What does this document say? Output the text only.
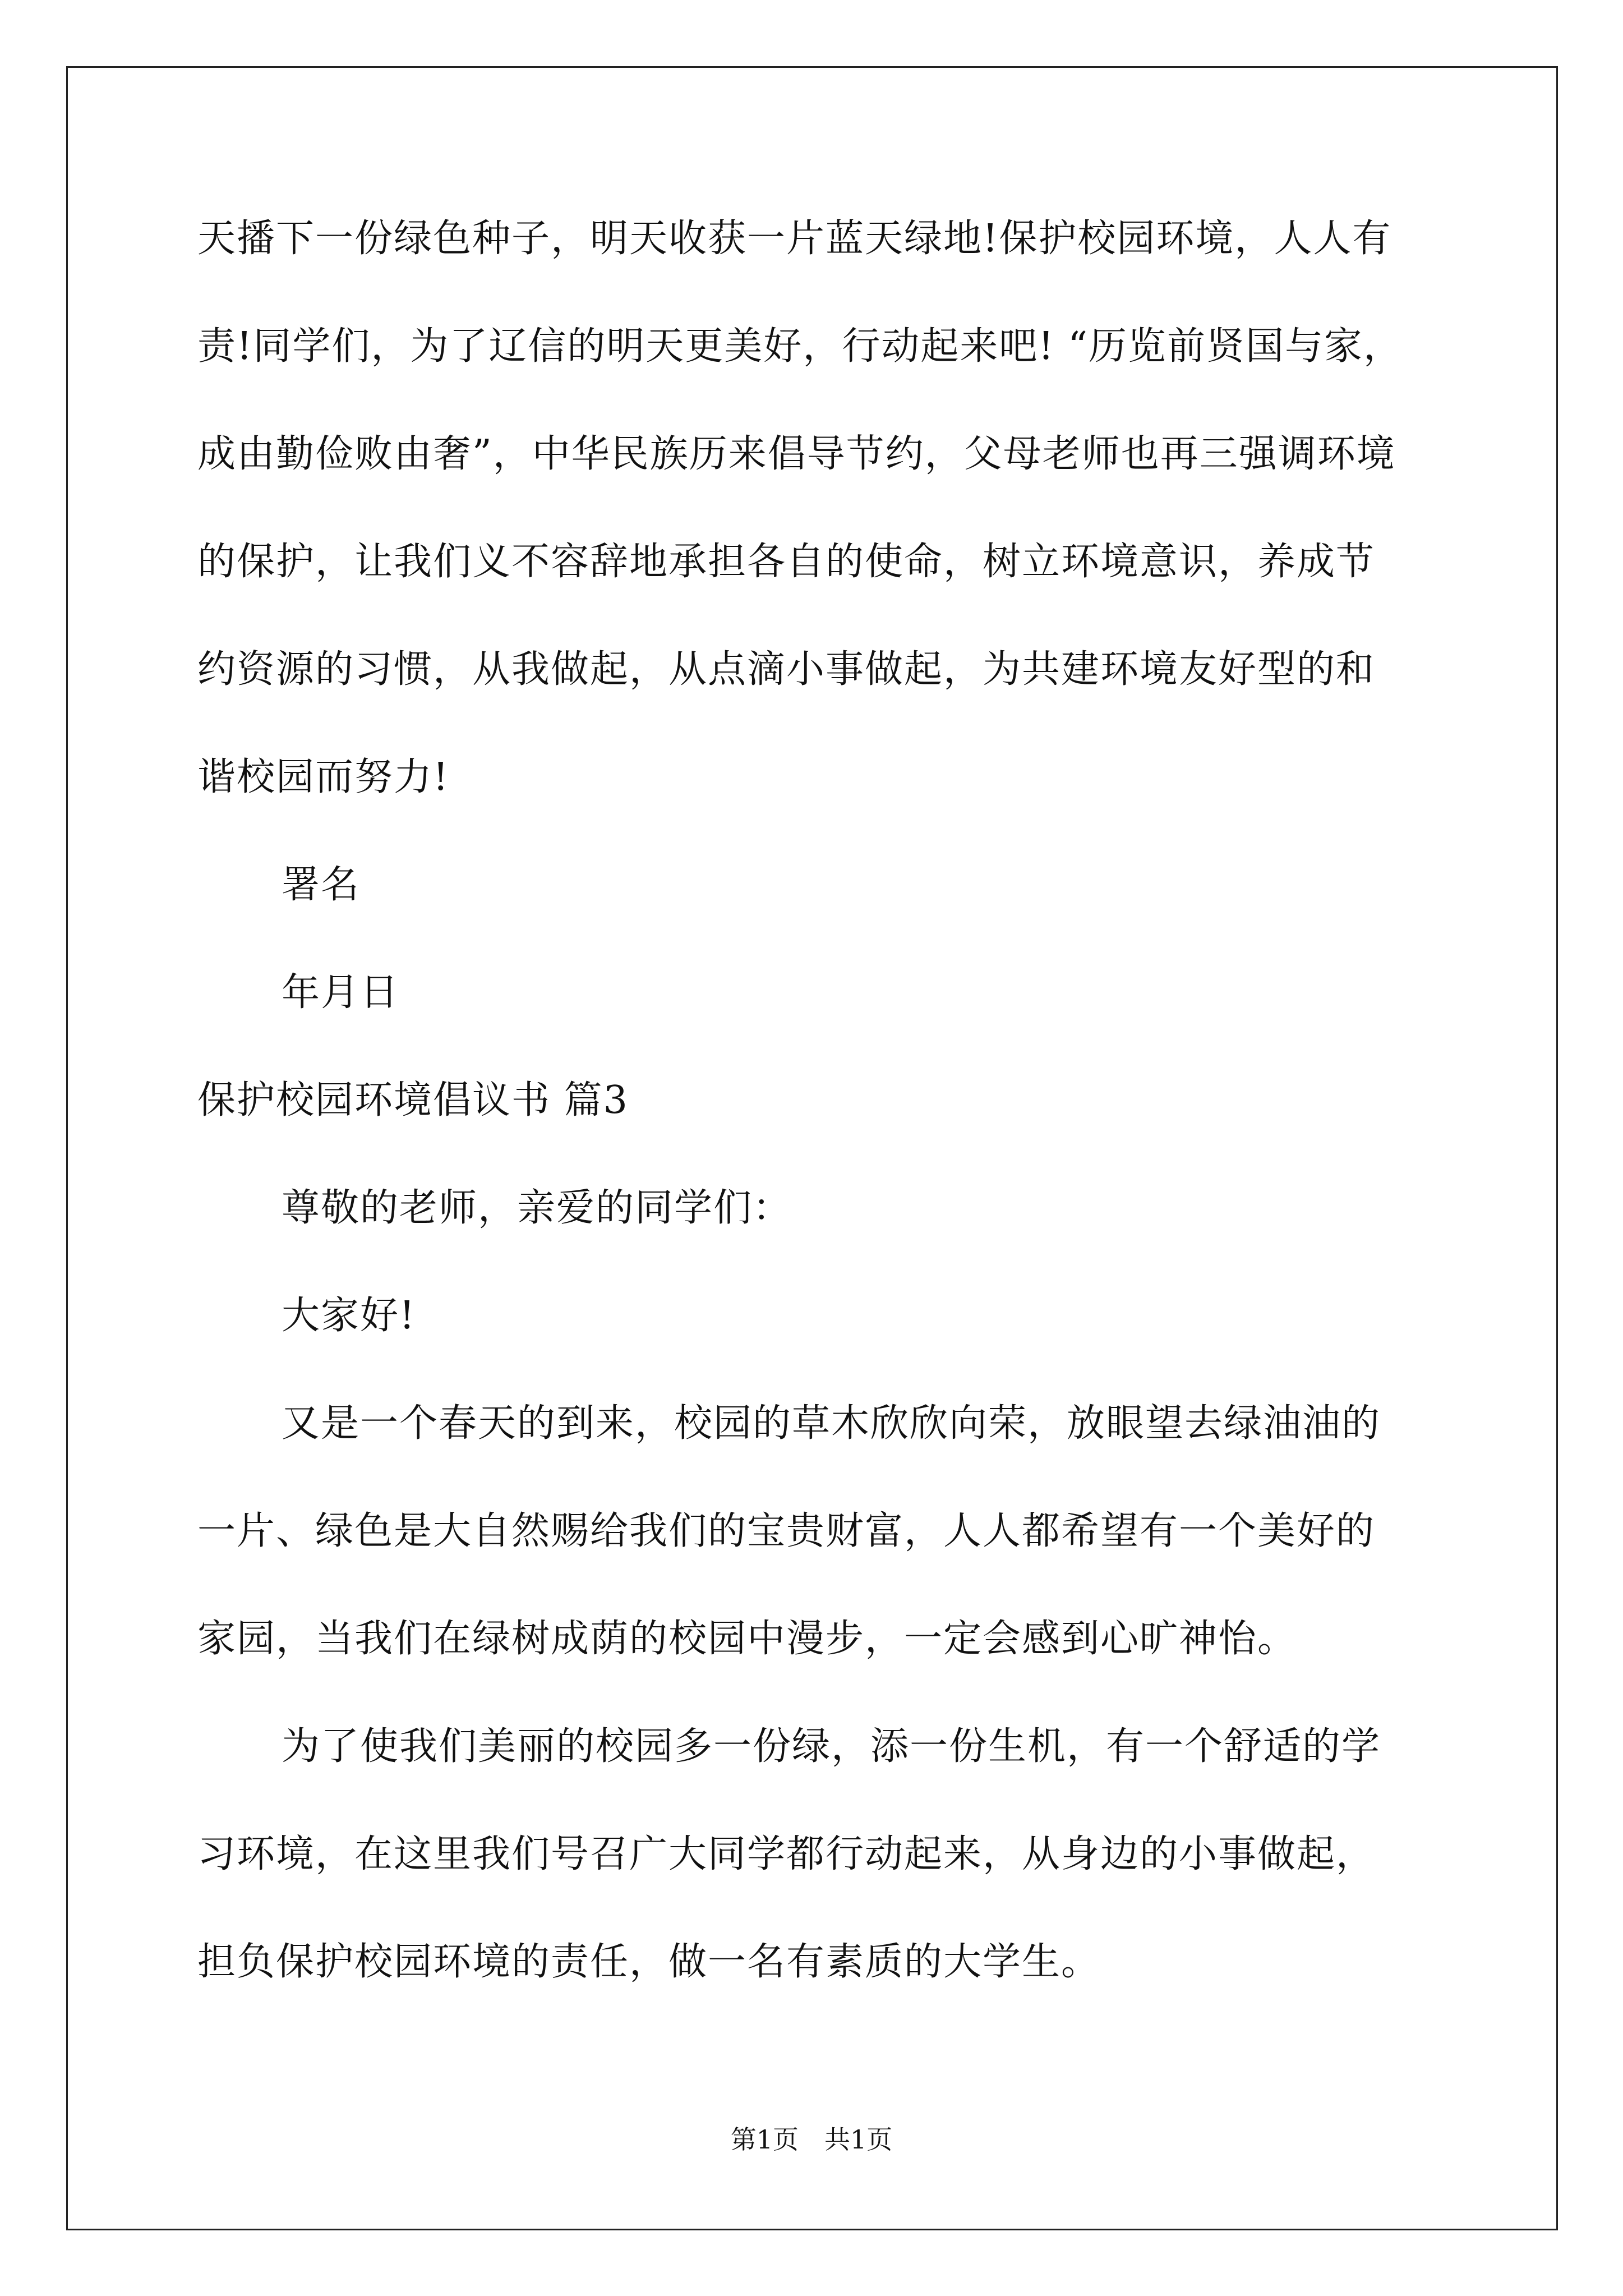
天播下一份绿色种子，明天收获一片蓝天绿地!保护校园环境，人人有
责!同学们，为了辽信的明天更美好，行动起来吧! “历览前贤国与家，
成由勤俭败由奢”，中华民族历来倡导节约，父母老师也再三强调环境
的保护，让我们义不容辞地承担各自的使命，树立环境意识，养成节
约资源的习惯，从我做起，从点滴小事做起，为共建环境友好型的和
谐校园而努力!
署名
年月日
保护校园环境倡议书 篇3
尊敬的老师，亲爱的同学们：
大家好!
又是一个春天的到来，校园的草木欣欣向荣，放眼望去绿油油的
一片、绿色是大自然赐给我们的宝贵财富，人人都希望有一个美好的
家园，当我们在绿树成荫的校园中漫步，一定会感到心旷神怡。
为了使我们美丽的校园多一份绿，添一份生机，有一个舒适的学
习环境，在这里我们号召广大同学都行动起来，从身边的小事做起，
担负保护校园环境的责任，做一名有素质的大学生。
第1页　共1页
